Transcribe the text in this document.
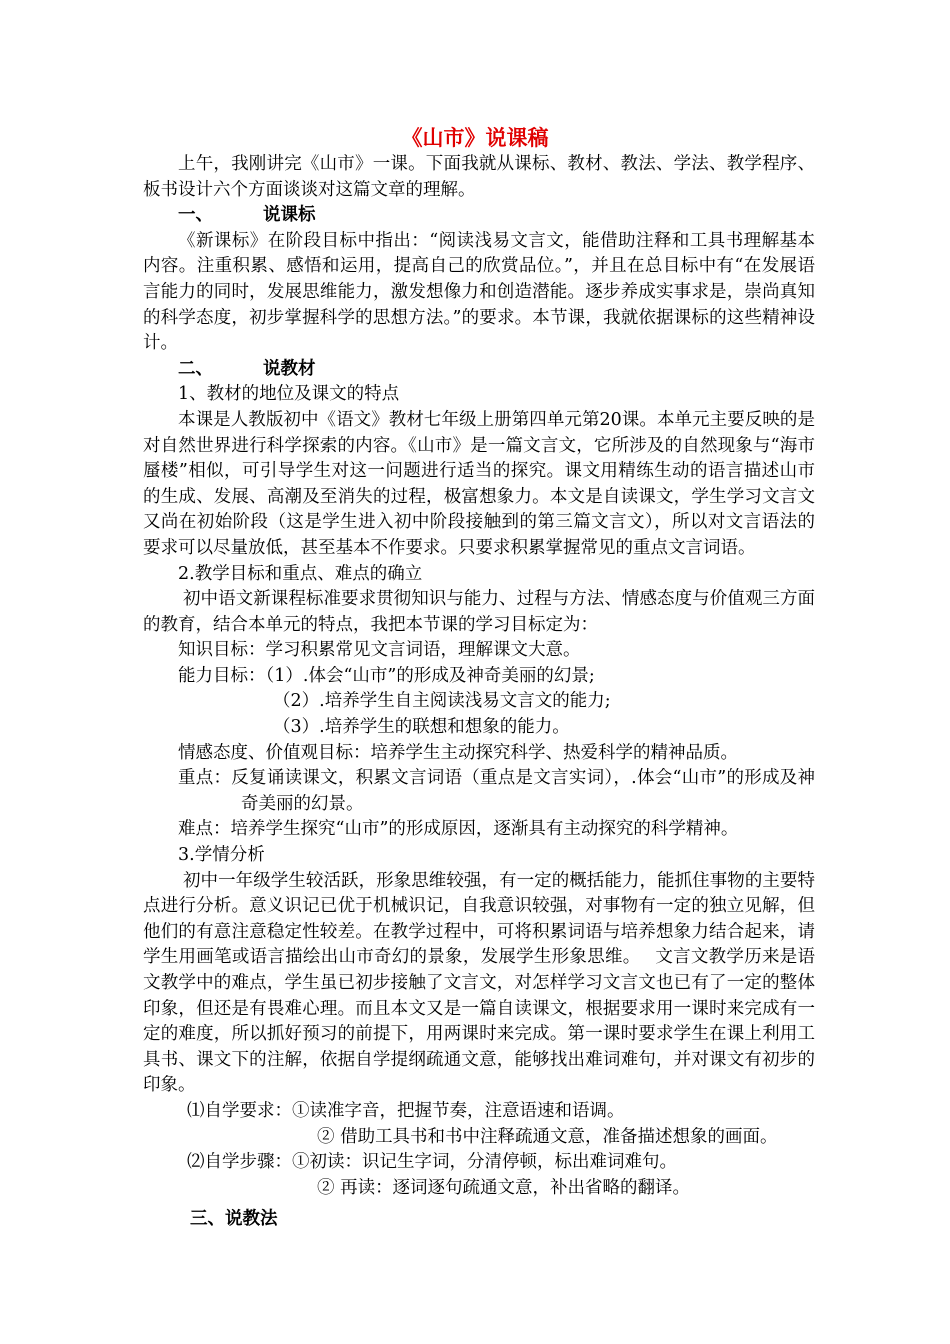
《山市》说课稿

上午，我刚讲完《山市》一课。下面我就从课标、教材、教法、学法、教学程序、板书设计六个方面谈谈对这篇文章的理解。

一、	说课标

《新课标》在阶段目标中指出：“阅读浅易文言文，能借助注释和工具书理解基本内容。注重积累、感悟和运用，提高自己的欣赏品位。”，并且在总目标中有“在发展语言能力的同时，发展思维能力，激发想像力和创造潜能。逐步养成实事求是，崇尚真知的科学态度，初步掌握科学的思想方法。”的要求。本节课，我就依据课标的这些精神设计。

二、	说教材

1、教材的地位及课文的特点

本课是人教版初中《语文》教材七年级上册第四单元第20课。本单元主要反映的是对自然世界进行科学探索的内容。《山市》是一篇文言文，它所涉及的自然现象与“海市蜃楼”相似，可引导学生对这一问题进行适当的探究。课文用精练生动的语言描述山市的生成、发展、高潮及至消失的过程，极富想象力。本文是自读课文，学生学习文言文又尚在初始阶段（这是学生进入初中阶段接触到的第三篇文言文），所以对文言语法的要求可以尽量放低，甚至基本不作要求。只要求积累掌握常见的重点文言词语。

2.教学目标和重点、难点的确立

初中语文新课程标准要求贯彻知识与能力、过程与方法、情感态度与价值观三方面的教育，结合本单元的特点，我把本节课的学习目标定为：

知识目标：学习积累常见文言词语，理解课文大意。

能力目标：（1）.体会“山市”的形成及神奇美丽的幻景;

（2）.培养学生自主阅读浅易文言文的能力;

（3）.培养学生的联想和想象的能力。

情感态度、价值观目标：培养学生主动探究科学、热爱科学的精神品质。

重点：反复诵读课文，积累文言词语（重点是文言实词），.体会“山市”的形成及神奇美丽的幻景。

难点：培养学生探究“山市”的形成原因，逐渐具有主动探究的科学精神。

3.学情分析

初中一年级学生较活跃，形象思维较强，有一定的概括能力，能抓住事物的主要特点进行分析。意义识记已优于机械识记，自我意识较强，对事物有一定的独立见解，但他们的有意注意稳定性较差。在教学过程中，可将积累词语与培养想象力结合起来，请学生用画笔或语言描绘出山市奇幻的景象，发展学生形象思维。　 文言文教学历来是语文教学中的难点，学生虽已初步接触了文言文，对怎样学习文言文也已有了一定的整体印象，但还是有畏难心理。而且本文又是一篇自读课文，根据要求用一课时来完成有一定的难度，所以抓好预习的前提下，用两课时来完成。第一课时要求学生在课上利用工具书、课文下的注解，依据自学提纲疏通文意，能够找出难词难句，并对课文有初步的印象。

⑴自学要求：①读准字音，把握节奏，注意语速和语调。

② 借助工具书和书中注释疏通文意，准备描述想象的画面。

⑵自学步骤：①初读：识记生字词，分清停顿，标出难词难句。

② 再读：逐词逐句疏通文意，补出省略的翻译。

三、说教法
